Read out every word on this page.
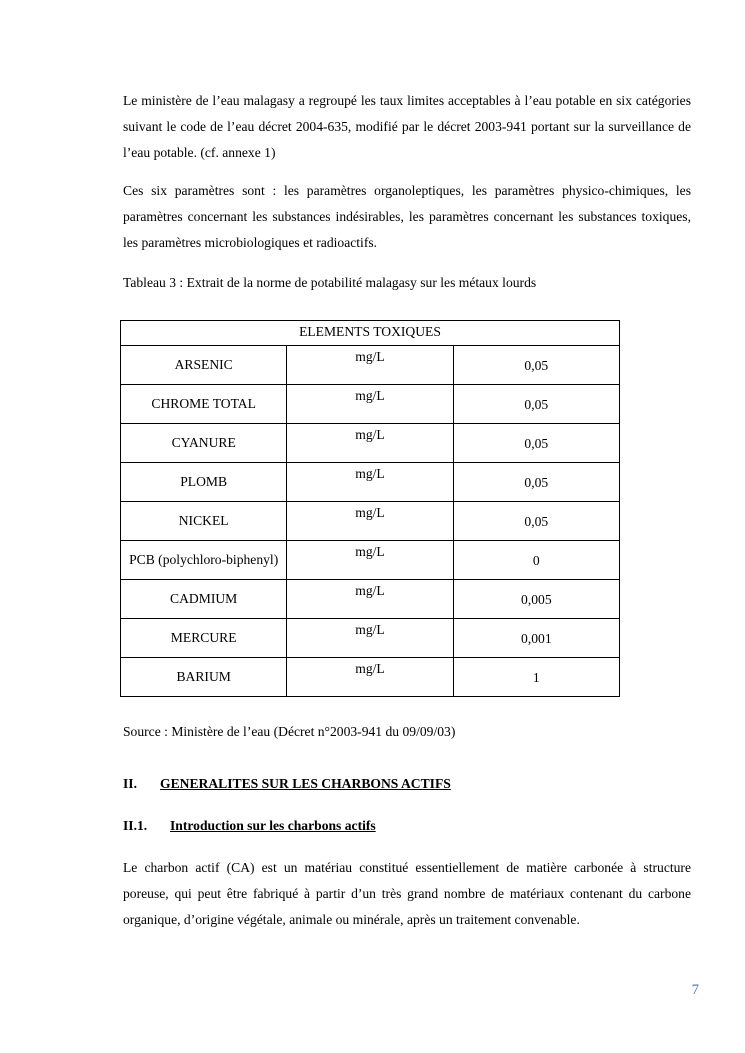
Le ministère de l’eau malagasy a regroupé les taux limites acceptables à l’eau potable en six catégories suivant le code de l’eau décret 2004-635, modifié par le décret 2003-941 portant sur la surveillance de l’eau potable. (cf. annexe 1)

Ces six paramètres sont : les paramètres organoleptiques, les paramètres physico-chimiques, les paramètres concernant les substances indésirables, les paramètres concernant les substances toxiques, les paramètres microbiologiques et radioactifs.

Tableau 3 : Extrait de la norme de potabilité malagasy sur les métaux lourds

ELEMENTS TOXIQUES		
ARSENIC	mg/L	0,05
CHROME TOTAL	mg/L	0,05
CYANURE	mg/L	0,05
PLOMB	mg/L	0,05
NICKEL	mg/L	0,05
PCB (polychloro-biphenyl)	mg/L	0
CADMIUM	mg/L	0,005
MERCURE	mg/L	0,001
BARIUM	mg/L	1

Source : Ministère de l’eau (Décret n°2003-941 du 09/09/03)

II. GENERALITES SUR LES CHARBONS ACTIFS
II.1. Introduction sur les charbons actifs

Le charbon actif (CA) est un matériau constitué essentiellement de matière carbonée à structure poreuse, qui peut être fabriqué à partir d’un très grand nombre de matériaux contenant du carbone organique, d’origine végétale, animale ou minérale, après un traitement convenable.

7
